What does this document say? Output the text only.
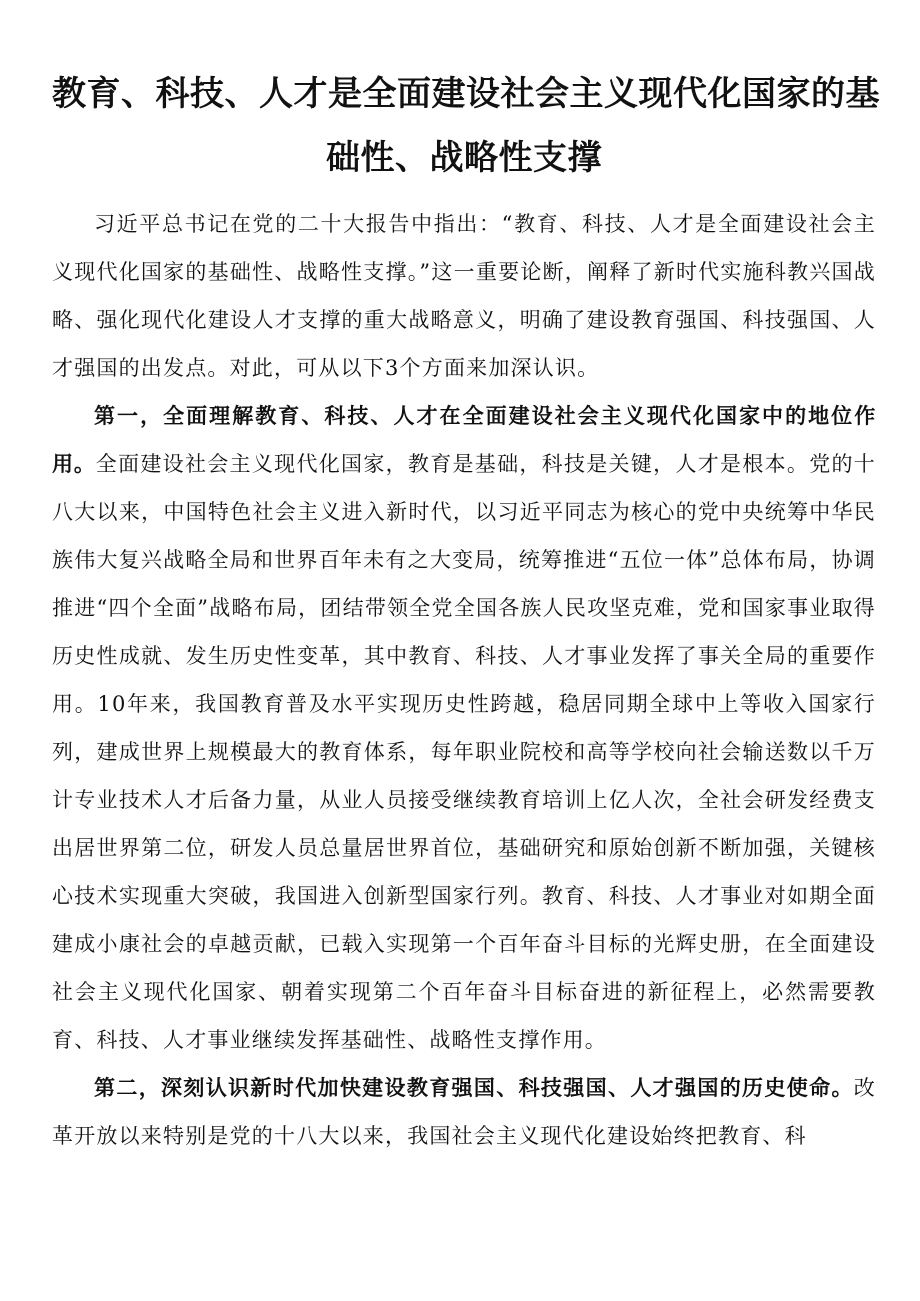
教育、科技、人才是全面建设社会主义现代化国家的基
础性、战略性支撑

习近平总书记在党的二十大报告中指出：“教育、科技、人才是全面建设社会主义现代化国家的基础性、战略性支撑。”这一重要论断，阐释了新时代实施科教兴国战略、强化现代化建设人才支撑的重大战略意义，明确了建设教育强国、科技强国、人才强国的出发点。对此，可从以下3个方面来加深认识。

第一，全面理解教育、科技、人才在全面建设社会主义现代化国家中的地位作用。全面建设社会主义现代化国家，教育是基础，科技是关键，人才是根本。党的十八大以来，中国特色社会主义进入新时代，以习近平同志为核心的党中央统筹中华民族伟大复兴战略全局和世界百年未有之大变局，统筹推进“五位一体”总体布局，协调推进“四个全面”战略布局，团结带领全党全国各族人民攻坚克难，党和国家事业取得历史性成就、发生历史性变革，其中教育、科技、人才事业发挥了事关全局的重要作用。10年来，我国教育普及水平实现历史性跨越，稳居同期全球中上等收入国家行列，建成世界上规模最大的教育体系，每年职业院校和高等学校向社会输送数以千万计专业技术人才后备力量，从业人员接受继续教育培训上亿人次，全社会研发经费支出居世界第二位，研发人员总量居世界首位，基础研究和原始创新不断加强，关键核心技术实现重大突破，我国进入创新型国家行列。教育、科技、人才事业对如期全面建成小康社会的卓越贡献，已载入实现第一个百年奋斗目标的光辉史册，在全面建设社会主义现代化国家、朝着实现第二个百年奋斗目标奋进的新征程上，必然需要教育、科技、人才事业继续发挥基础性、战略性支撑作用。

第二，深刻认识新时代加快建设教育强国、科技强国、人才强国的历史使命。改革开放以来特别是党的十八大以来，我国社会主义现代化建设始终把教育、科
